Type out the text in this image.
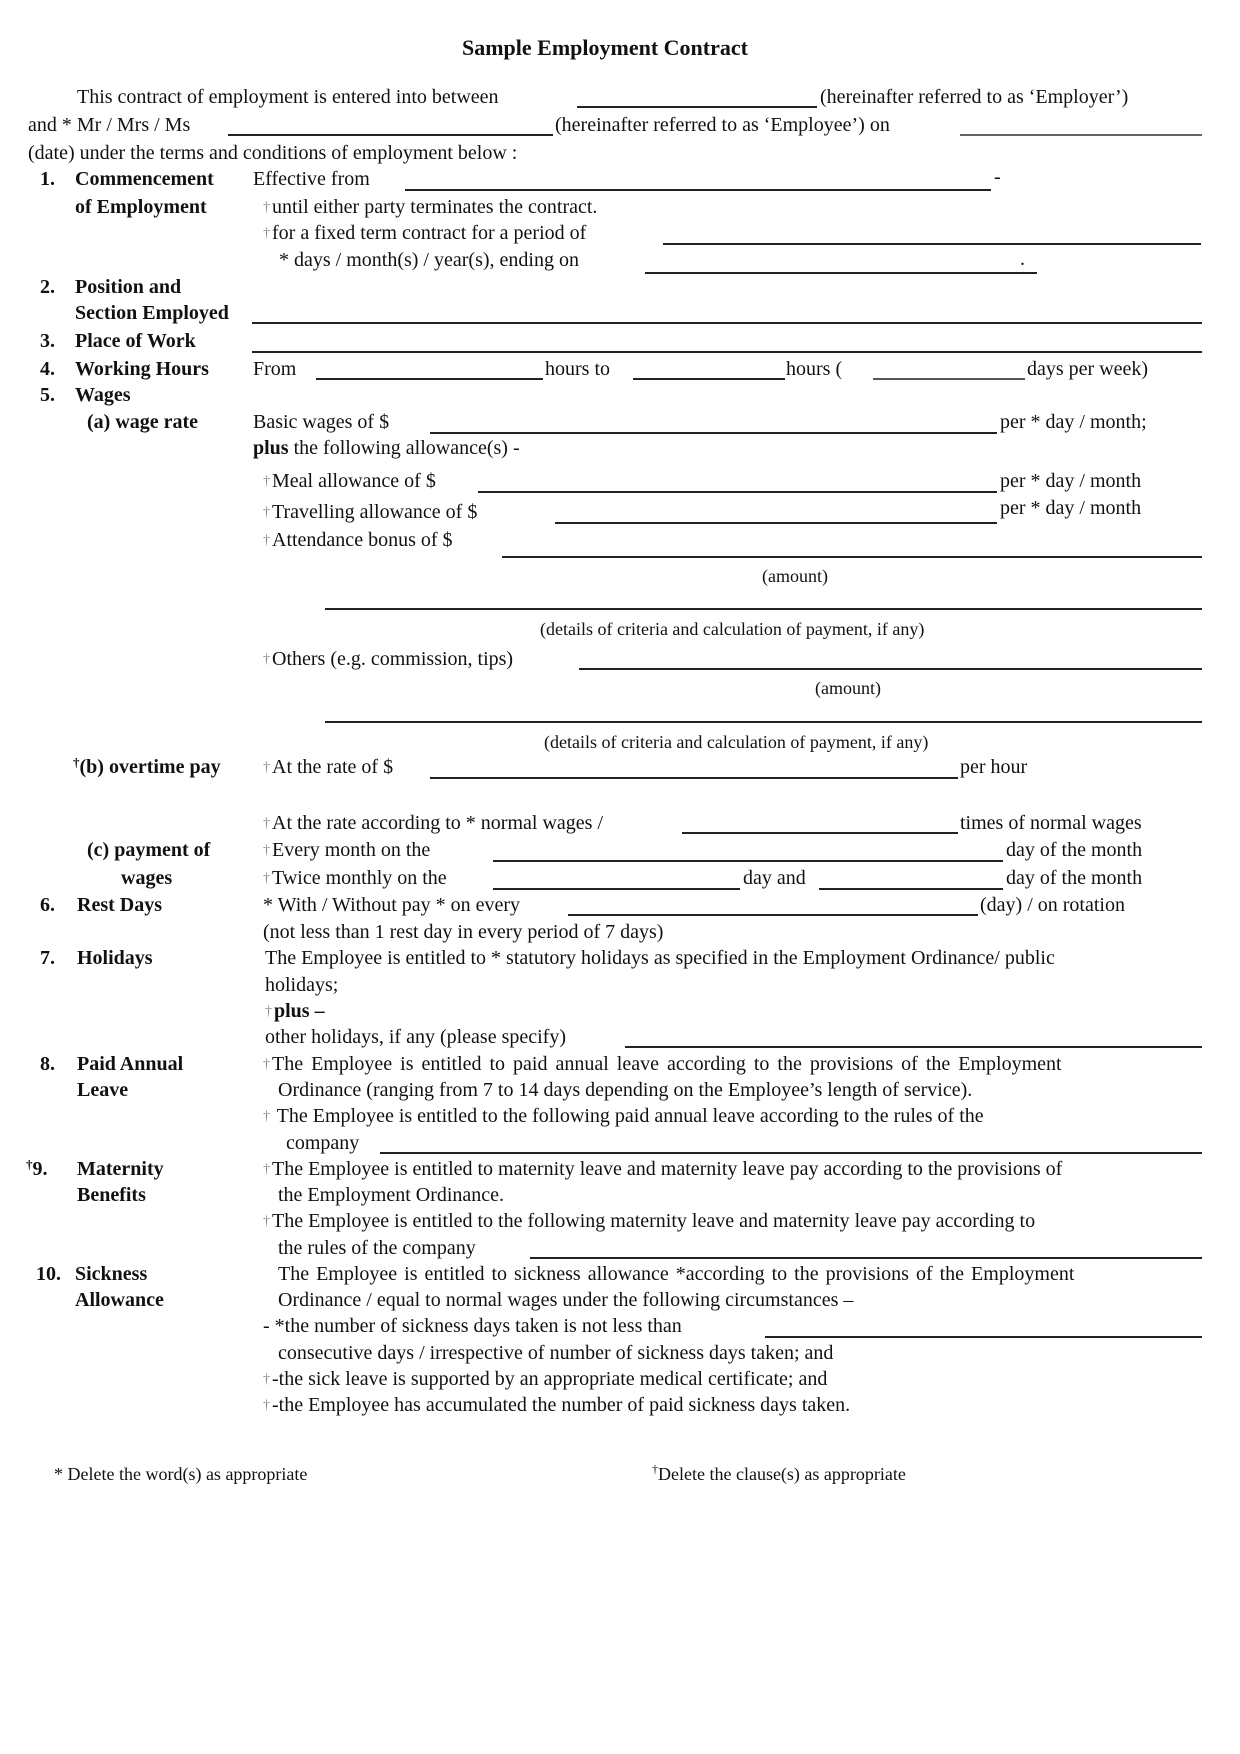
Sample Employment Contract
This contract of employment is entered into between	(hereinafter referred to as ‘Employer’)
and * Mr / Mrs / Ms	(hereinafter referred to as ‘Employee’) on
(date) under the terms and conditions of employment below :
1. Commencement
of Employment
Effective from	-
† until either party terminates the contract.
† for a fixed term contract for a period of
* days / month(s) / year(s), ending on	.
2. Position and
Section Employed
3. Place of Work
4. Working Hours From	hours to	hours (	days per week)
5. Wages
(a) wage rate	Basic wages of $	per * day / month;
plus the following allowance(s) -
† Meal allowance of $	per * day / month
† Travelling allowance of $	per * day / month
† Attendance bonus of $
(amount)
(details of criteria and calculation of payment, if any)
† Others (e.g. commission, tips)
(amount)
(details of criteria and calculation of payment, if any)
†(b) overtime pay	† At the rate of $	per hour
† At the rate according to * normal wages /	times of normal wages
(c) payment of
wages
† Every month on the	day of the month
† Twice monthly on the	day and	day of the month
6. Rest Days	* With / Without pay * on every	(day) / on rotation
(not less than 1 rest day in every period of 7 days)
7. Holidays	The Employee is entitled to * statutory holidays as specified in the Employment Ordinance/ public
holidays;
† plus –
other holidays, if any (please specify)
8. Paid Annual
Leave
† The Employee is entitled to paid annual leave according to the provisions of the Employment
Ordinance (ranging from 7 to 14 days depending on the Employee’s length of service).
† The Employee is entitled to the following paid annual leave according to the rules of the
company
†9. Maternity
Benefits
† The Employee is entitled to maternity leave and maternity leave pay according to the provisions of
the Employment Ordinance.
† The Employee is entitled to the following maternity leave and maternity leave pay according to
the rules of the company
10. Sickness
Allowance
The Employee is entitled to sickness allowance *according to the provisions of the Employment
Ordinance / equal to normal wages under the following circumstances –
- *the number of sickness days taken is not less than
consecutive days / irrespective of number of sickness days taken; and
† -the sick leave is supported by an appropriate medical certificate; and
† -the Employee has accumulated the number of paid sickness days taken.
* Delete the word(s) as appropriate	†Delete the clause(s) as appropriate
